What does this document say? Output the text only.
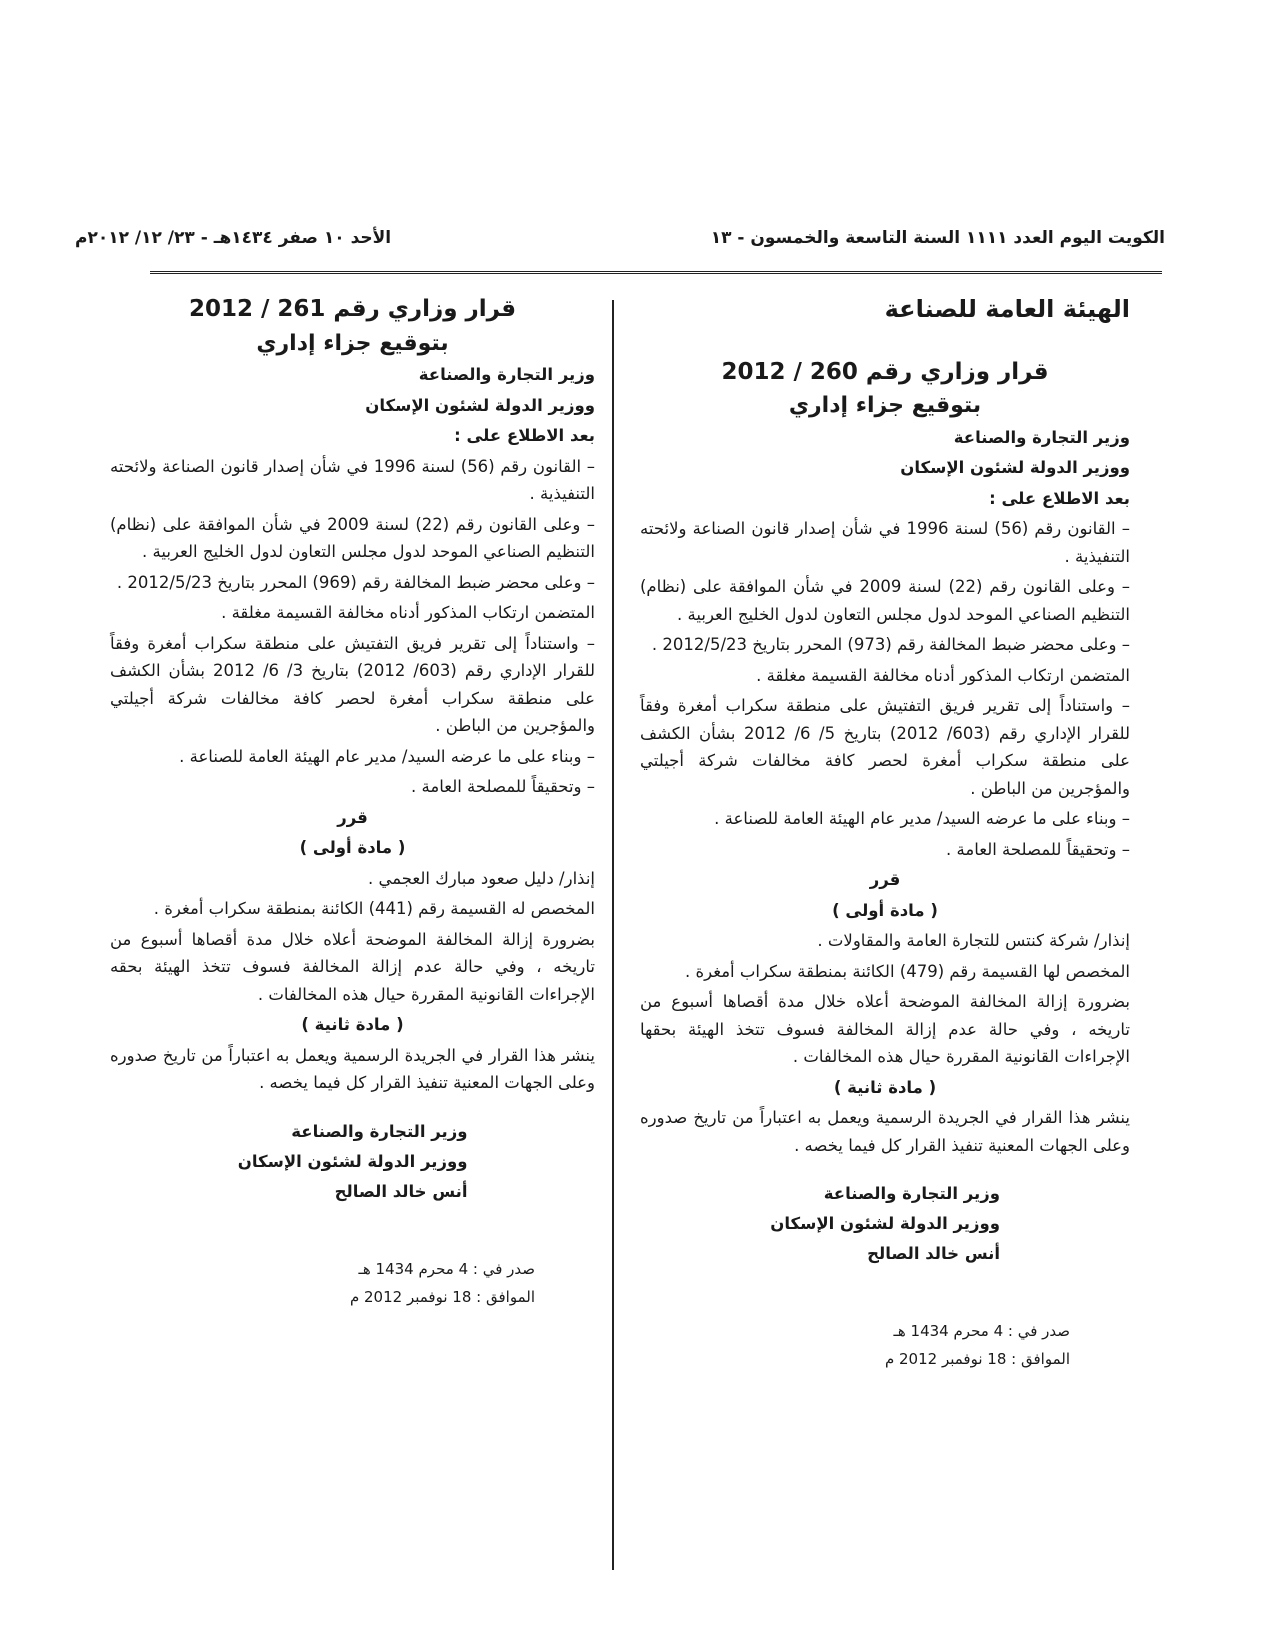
الكويت اليوم العدد ١١١١ السنة التاسعة والخمسون - ١٣
الأحد ١٠ صفر ١٤٣٤هـ - ٢٣/ ١٢/ ٢٠١٢م
الهيئة العامة للصناعة
قرار وزاري رقم 260 / 2012
بتوقيع جزاء إداري

وزير التجارة والصناعة

ووزير الدولة لشئون الإسكان

بعد الاطلاع على :

– القانون رقم (56) لسنة 1996 في شأن إصدار قانون الصناعة ولائحته التنفيذية .

– وعلى القانون رقم (22) لسنة 2009 في شأن الموافقة على (نظام) التنظيم الصناعي الموحد لدول مجلس التعاون لدول الخليج العربية .

– وعلى محضر ضبط المخالفة رقم (973) المحرر بتاريخ 2012/5/23 .

المتضمن ارتكاب المذكور أدناه مخالفة القسيمة مغلقة .

– واستناداً إلى تقرير فريق التفتيش على منطقة سكراب أمغرة وفقاً للقرار الإداري رقم (603/ 2012) بتاريخ 5/ 6/ 2012 بشأن الكشف على منطقة سكراب أمغرة لحصر كافة مخالفات شركة أجيلتي والمؤجرين من الباطن .

– وبناء على ما عرضه السيد/ مدير عام الهيئة العامة للصناعة .

– وتحقيقاً للمصلحة العامة .

قرر

( مادة أولى )

إنذار/ شركة كنتس للتجارة العامة والمقاولات .

المخصص لها القسيمة رقم (479) الكائنة بمنطقة سكراب أمغرة .

بضرورة إزالة المخالفة الموضحة أعلاه خلال مدة أقصاها أسبوع من تاريخه ، وفي حالة عدم إزالة المخالفة فسوف تتخذ الهيئة بحقها الإجراءات القانونية المقررة حيال هذه المخالفات .

( مادة ثانية )

ينشر هذا القرار في الجريدة الرسمية ويعمل به اعتباراً من تاريخ صدوره وعلى الجهات المعنية تنفيذ القرار كل فيما يخصه .

وزير التجارة والصناعة

ووزير الدولة لشئون الإسكان

أنس خالد الصالح

صدر في : 4 محرم 1434 هـ

الموافق : 18 نوفمبر 2012 م

قرار وزاري رقم 261 / 2012
بتوقيع جزاء إداري

وزير التجارة والصناعة

ووزير الدولة لشئون الإسكان

بعد الاطلاع على :

– القانون رقم (56) لسنة 1996 في شأن إصدار قانون الصناعة ولائحته التنفيذية .

– وعلى القانون رقم (22) لسنة 2009 في شأن الموافقة على (نظام) التنظيم الصناعي الموحد لدول مجلس التعاون لدول الخليج العربية .

– وعلى محضر ضبط المخالفة رقم (969) المحرر بتاريخ 2012/5/23 .

المتضمن ارتكاب المذكور أدناه مخالفة القسيمة مغلقة .

– واستناداً إلى تقرير فريق التفتيش على منطقة سكراب أمغرة وفقاً للقرار الإداري رقم (603/ 2012) بتاريخ 3/ 6/ 2012 بشأن الكشف على منطقة سكراب أمغرة لحصر كافة مخالفات شركة أجيلتي والمؤجرين من الباطن .

– وبناء على ما عرضه السيد/ مدير عام الهيئة العامة للصناعة .

– وتحقيقاً للمصلحة العامة .

قرر

( مادة أولى )

إنذار/ دليل صعود مبارك العجمي .

المخصص له القسيمة رقم (441) الكائنة بمنطقة سكراب أمغرة .

بضرورة إزالة المخالفة الموضحة أعلاه خلال مدة أقصاها أسبوع من تاريخه ، وفي حالة عدم إزالة المخالفة فسوف تتخذ الهيئة بحقه الإجراءات القانونية المقررة حيال هذه المخالفات .

( مادة ثانية )

ينشر هذا القرار في الجريدة الرسمية ويعمل به اعتباراً من تاريخ صدوره وعلى الجهات المعنية تنفيذ القرار كل فيما يخصه .

وزير التجارة والصناعة

ووزير الدولة لشئون الإسكان

أنس خالد الصالح

صدر في : 4 محرم 1434 هـ

الموافق : 18 نوفمبر 2012 م
